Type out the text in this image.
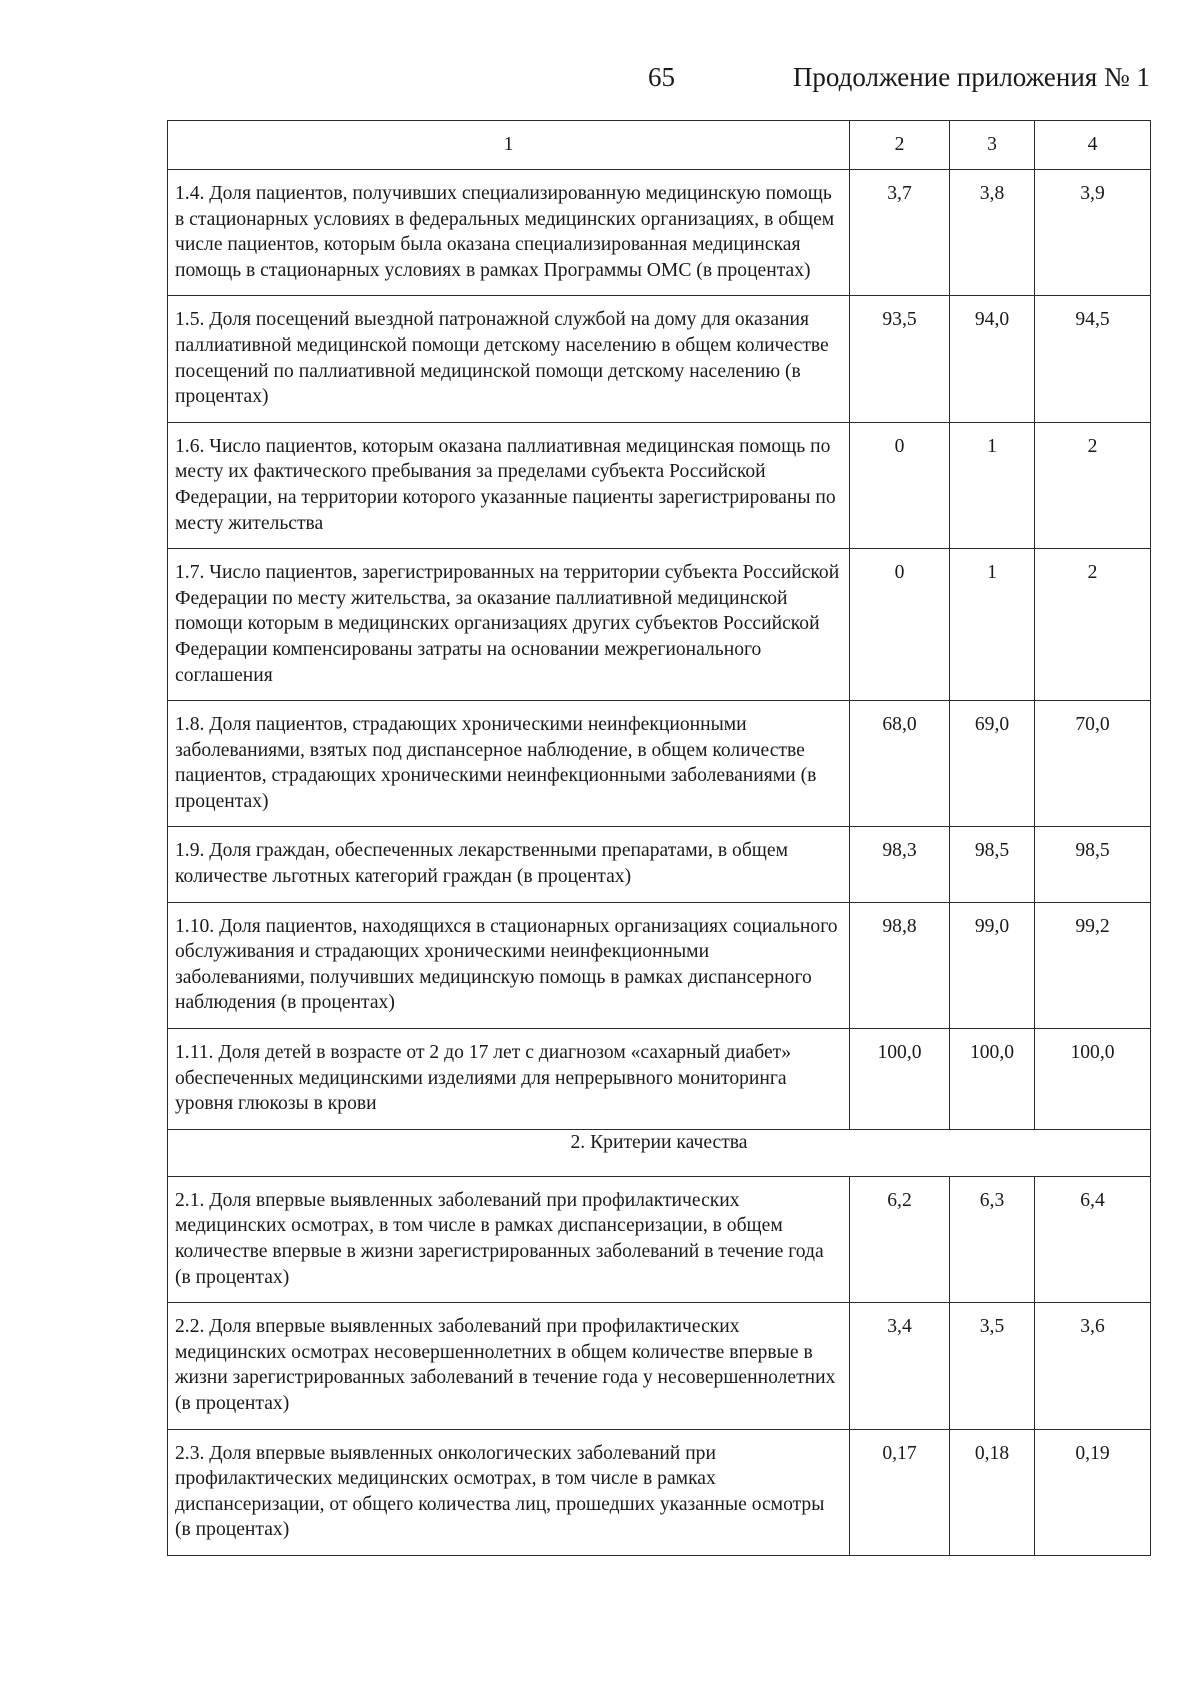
65	Продолжение приложения № 1
1	2	3	4
1.4. Доля пациентов, получивших специализированную медицинскую помощь в стационарных условиях в федеральных медицинских организациях, в общем числе пациентов, которым была оказана специализированная медицинская помощь в стационарных условиях в рамках Программы ОМС (в процентах)	3,7	3,8	3,9
1.5. Доля посещений выездной патронажной службой на дому для оказания паллиативной медицинской помощи детскому населению в общем количестве посещений по паллиативной медицинской помощи детскому населению (в процентах)	93,5	94,0	94,5
1.6. Число пациентов, которым оказана паллиативная медицинская помощь по месту их фактического пребывания за пределами субъекта Российской Федерации, на территории которого указанные пациенты зарегистрированы по месту жительства	0	1	2
1.7. Число пациентов, зарегистрированных на территории субъекта Российской Федерации по месту жительства, за оказание паллиативной медицинской помощи которым в медицинских организациях других субъектов Российской Федерации компенсированы затраты на основании межрегионального соглашения	0	1	2
1.8. Доля пациентов, страдающих хроническими неинфекционными заболеваниями, взятых под диспансерное наблюдение, в общем количестве пациентов, страдающих хроническими неинфекционными заболеваниями (в процентах)	68,0	69,0	70,0
1.9. Доля граждан, обеспеченных лекарственными препаратами, в общем количестве льготных категорий граждан (в процентах)	98,3	98,5	98,5
1.10. Доля пациентов, находящихся в стационарных организациях социального обслуживания и страдающих хроническими неинфекционными заболеваниями, получивших медицинскую помощь в рамках диспансерного наблюдения (в процентах)	98,8	99,0	99,2
1.11. Доля детей в возрасте от 2 до 17 лет с диагнозом «сахарный диабет» обеспеченных медицинскими изделиями для непрерывного мониторинга уровня глюкозы в крови	100,0	100,0	100,0
2. Критерии качества			
2.1. Доля впервые выявленных заболеваний при профилактических медицинских осмотрах, в том числе в рамках диспансеризации, в общем количестве впервые в жизни зарегистрированных заболеваний в течение года (в процентах)	6,2	6,3	6,4
2.2. Доля впервые выявленных заболеваний при профилактических медицинских осмотрах несовершеннолетних в общем количестве впервые в жизни зарегистрированных заболеваний в течение года у несовершеннолетних (в процентах)	3,4	3,5	3,6
2.3. Доля впервые выявленных онкологических заболеваний при профилактических медицинских осмотрах, в том числе в рамках диспансеризации, от общего количества лиц, прошедших указанные осмотры (в процентах)	0,17	0,18	0,19
